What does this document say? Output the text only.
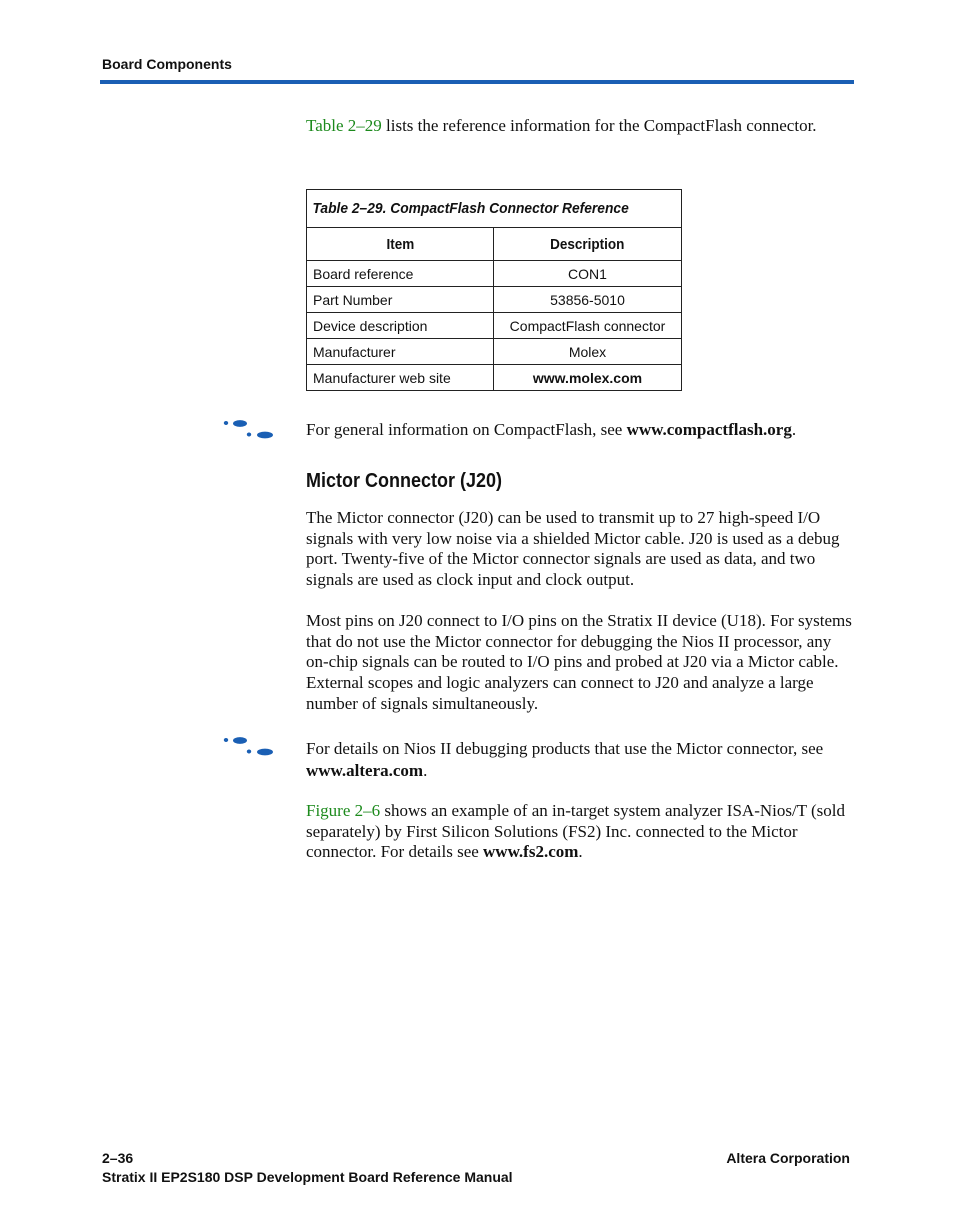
Board Components
Table 2–29 lists the reference information for the CompactFlash connector.
Table 2–29. CompactFlash Connector Reference	
Item	Description
Board reference	CON1
Part Number	53856-5010
Device description	CompactFlash connector
Manufacturer	Molex
Manufacturer web site	www.molex.com
For general information on CompactFlash, see www.compactflash.org.
Mictor Connector (J20)
The Mictor connector (J20) can be used to transmit up to 27 high-speed I/O signals with very low noise via a shielded Mictor cable. J20 is used as a debug port. Twenty-five of the Mictor connector signals are used as data, and two signals are used as clock input and clock output.
Most pins on J20 connect to I/O pins on the Stratix II device (U18). For systems that do not use the Mictor connector for debugging the Nios II processor, any on-chip signals can be routed to I/O pins and probed at J20 via a Mictor cable. External scopes and logic analyzers can connect to J20 and analyze a large number of signals simultaneously.
For details on Nios II debugging products that use the Mictor connector, see www.altera.com.
Figure 2–6 shows an example of an in-target system analyzer ISA-Nios/T (sold separately) by First Silicon Solutions (FS2) Inc. connected to the Mictor connector. For details see www.fs2.com.
2–36	Altera Corporation
Stratix II EP2S180 DSP Development Board Reference Manual
